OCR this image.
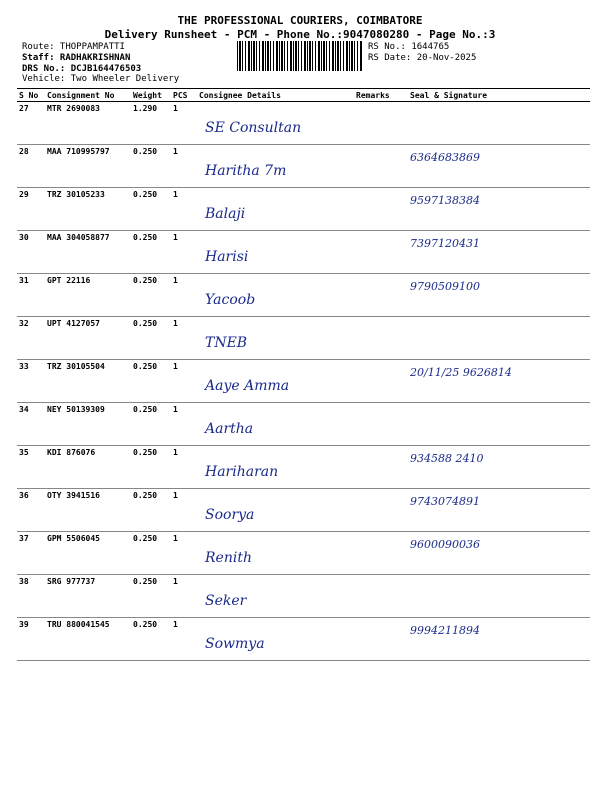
THE PROFESSIONAL COURIERS, COIMBATORE
Delivery Runsheet - PCM - Phone No.:9047080280 - Page No.:3
Route: THOPPAMPATTI
Staff: RADHAKRISHNAN
DRS No.: DCJB164476503
Vehicle: Two Wheeler Delivery
RS No.: 1644765
RS Date: 20-Nov-2025
S No	Consignment No	Weight	PCS	Consignee Details	Remarks	Seal & Signature
27	MTR 2690083	1.290	1	SE Consultan		

28	MAA 710995797	0.250	1	Haritha 7m		6364683869

29	TRZ 30105233	0.250	1	Balaji		9597138384

30	MAA 304058877	0.250	1	Harisi		7397120431

31	GPT 22116	0.250	1	Yacoob		9790509100

32	UPT 4127057	0.250	1	TNEB		

33	TRZ 30105504	0.250	1	Aaye Amma		20/11/25 9626814

34	NEY 50139309	0.250	1	Aartha		

35	KDI 876076	0.250	1	Hariharan		934588 2410

36	OTY 3941516	0.250	1	Soorya		9743074891

37	GPM 5506045	0.250	1	Renith		9600090036

38	SRG 977737	0.250	1	Seker		

39	TRU 880041545	0.250	1	Sowmya		9994211894
